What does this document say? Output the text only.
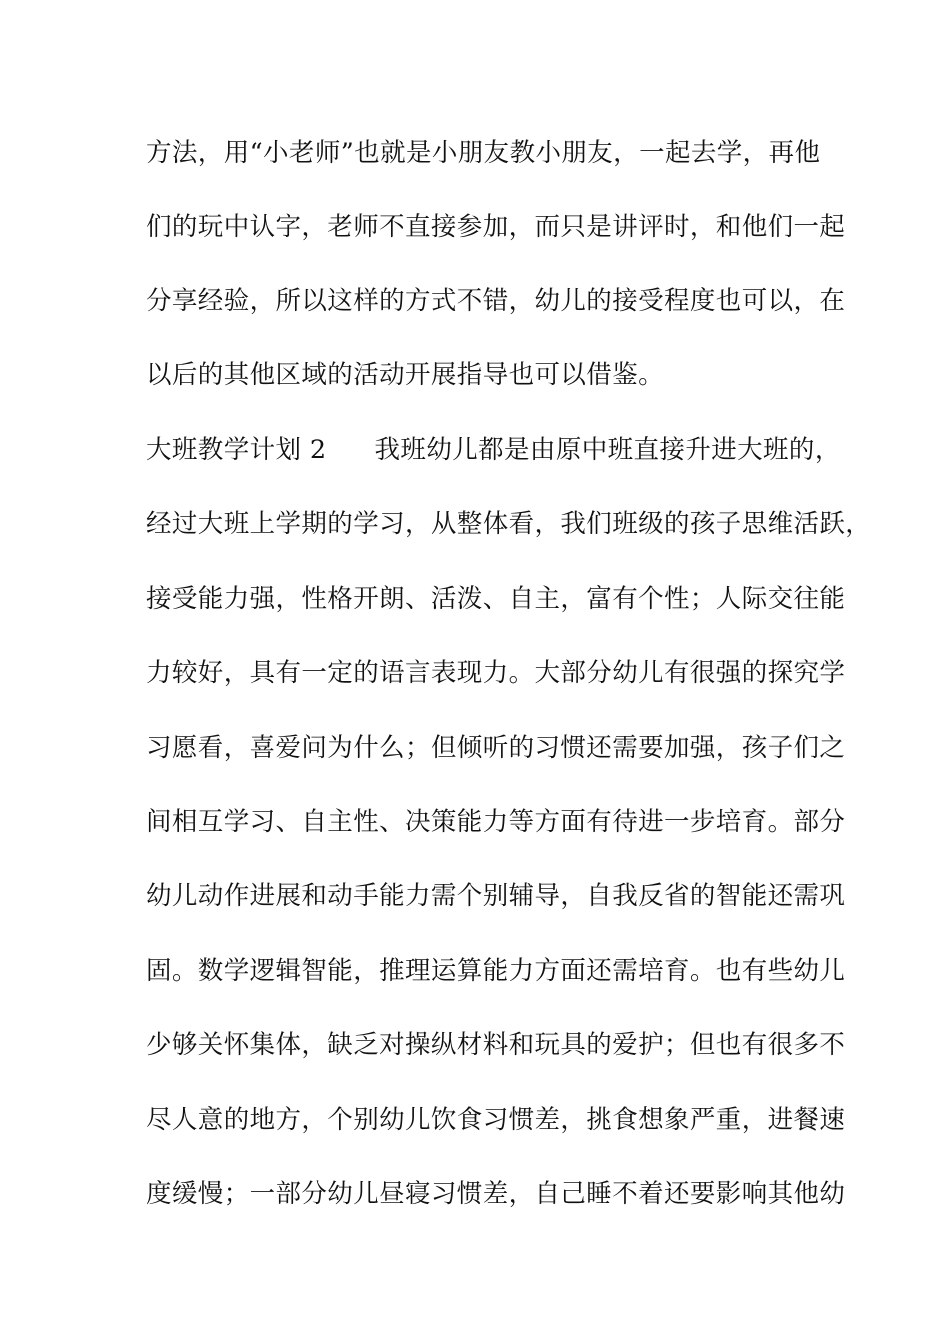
方法，用“小老师”也就是小朋友教小朋友，一起去学，再他
们的玩中认字，老师不直接参加，而只是讲评时，和他们一起
分享经验，所以这样的方式不错，幼儿的接受程度也可以，在
以后的其他区域的活动开展指导也可以借鉴。
大班教学计划 2 我班幼儿都是由原中班直接升进大班的，
经过大班上学期的学习，从整体看，我们班级的孩子思维活跃，
接受能力强，性格开朗、活泼、自主，富有个性；人际交往能
力较好，具有一定的语言表现力。大部分幼儿有很强的探究学
习愿看，喜爱问为什么；但倾听的习惯还需要加强，孩子们之
间相互学习、自主性、决策能力等方面有待进一步培育。部分
幼儿动作进展和动手能力需个别辅导，自我反省的智能还需巩
固。数学逻辑智能，推理运算能力方面还需培育。也有些幼儿
少够关怀集体，缺乏对操纵材料和玩具的爱护；但也有很多不
尽人意的地方，个别幼儿饮食习惯差，挑食想象严重，进餐速
度缓慢；一部分幼儿昼寝习惯差，自己睡不着还要影响其他幼
